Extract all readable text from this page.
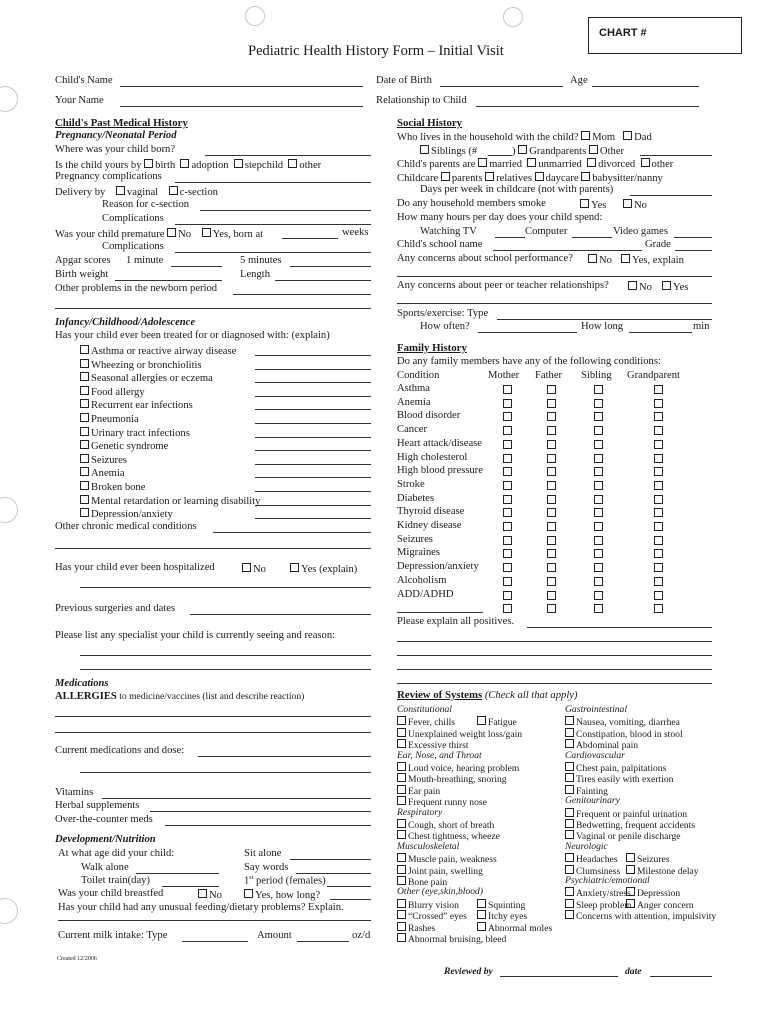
Pediatric Health History Form – Initial Visit
CHART #
Child's Name
Your Name
Date of Birth	Age
Relationship to Child
Child's Past Medical History
Pregnancy/Neonatal Period
Where was your child born?
Is the child yours by birth adoption stepchild other
Pregnancy complications
Delivery by vaginal c-section
Reason for c-section
Complications
Was your child premature No Yes, born at	weeks
Complications
Apgar scores 1 minute	5 minutes
Birth weight	Length
Other problems in the newborn period
Infancy/Childhood/Adolescence
Has your child ever been treated for or diagnosed with: (explain)
Asthma or reactive airway disease
Wheezing or bronchiolitis
Seasonal allergies or eczema
Food allergy
Recurrent ear infections
Pneumonia
Urinary tract infections
Genetic syndrome
Seizures
Anemia
Broken bone
Mental retardation or learning disability
Depression/anxiety
Other chronic medical conditions
Has your child ever been hospitalized	No	Yes (explain)
Previous surgeries and dates
Please list any specialist your child is currently seeing and reason:
Medications
ALLERGIES to medicine/vaccines (list and describe reaction)
Current medications and dose:
Vitamins
Herbal supplements
Over-the-counter meds
Development/Nutrition
At what age did your child:
Walk alone
Toilet train(day)
Sit alone
Say words
1st period (females)
Was your child breastfed	No	Yes, how long?
Has your child had any unusual feeding/dietary problems? Explain.
Current milk intake: Type	Amount	oz/d
Created 12/2006
Social History
Who lives in the household with the child? Mom Dad
Siblings (#	) Grandparents Other
Child's parents are married unmarried divorced other
Childcare parents relatives daycare babysitter/nanny
Days per week in childcare (not with parents)
Do any household members smoke	Yes	No
How many hours per day does your child spend:
Watching TV	Computer	Video games
Child's school name	Grade
Any concerns about school performance?	No	Yes, explain
Any concerns about peer or teacher relationships?	No	Yes
Sports/exercise: Type
How often?	How long	min
Family History
Do any family members have any of the following conditions:
Condition	Mother Father Sibling Grandparent
Asthma
Anemia
Blood disorder
Cancer
Heart attack/disease
High cholesterol
High blood pressure
Stroke
Diabetes
Thyroid disease
Kidney disease
Seizures
Migraines
Depression/anxiety
Alcoholism
ADD/ADHD
Please explain all positives.
Review of Systems (Check all that apply)
Constitutional
Fever, chills	Fatigue
Unexplained weight loss/gain
Excessive thirst
Ear, Nose, and Throat
Loud voice, hearing problem
Mouth-breathing, snoring
Ear pain
Frequent runny nose
Respiratory
Cough, short of breath
Chest tightness, wheeze
Musculoskeletal
Muscle pain, weakness
Joint pain, swelling
Bone pain
Other (eye,skin,blood)
Blurry vision	Squinting
“Crossed” eyes	Itchy eyes
Rashes	Abnormal moles
Abnormal bruising, bleed
Gastrointestinal
Nausea, vomiting, diarrhea
Constipation, blood in stool
Abdominal pain
Cardiovascular
Chest pain, palpitations
Tires easily with exertion
Fainting
Genitourinary
Frequent or painful urination
Bedwetting, frequent accidents
Vaginal or penile discharge
Neurologic
Headaches	Seizures
Clumsiness	Milestone delay
Psychiatric/emotional
Anxiety/stress Depression
Sleep problem Anger concern
Concerns with attention, impulsivity
Reviewed by	date
